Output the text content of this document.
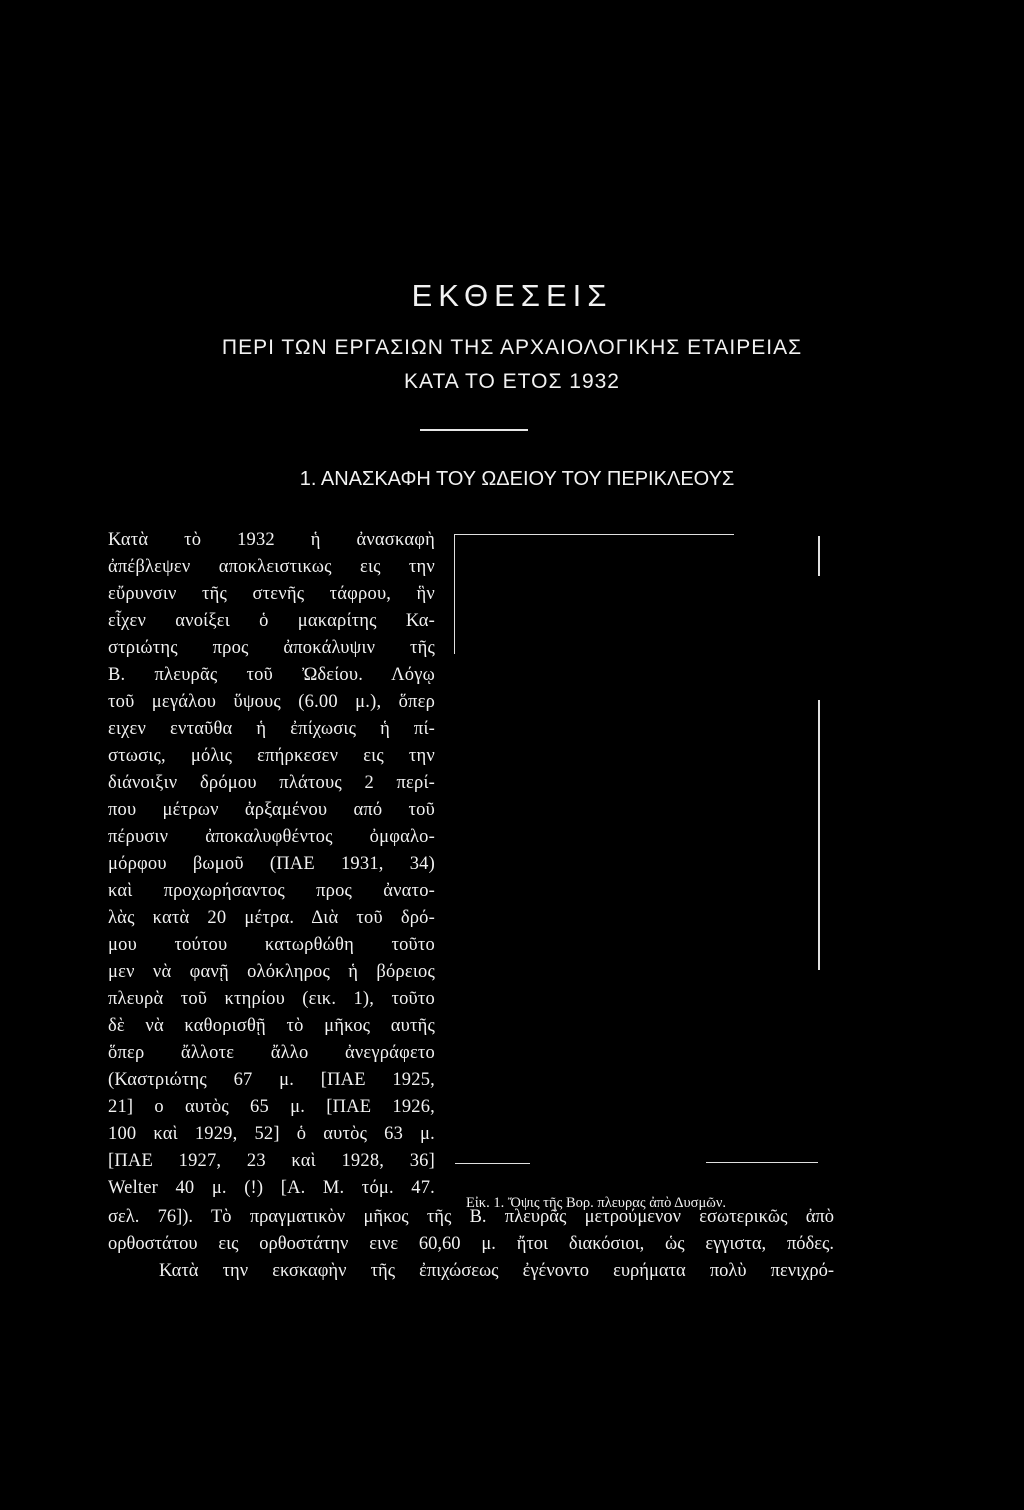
ΕΚΘΕΣΕΙΣ
ΠΕΡΙ ΤΩΝ ΕΡΓΑΣΙΩΝ ΤΗΣ ΑΡΧΑΙΟΛΟΓΙΚΗΣ ΕΤΑΙΡΕΙΑΣ
ΚΑΤΑ ΤΟ ΕΤΟΣ 1932
1. ΑΝΑΣΚΑΦΗ ΤΟΥ ΩΔΕΙΟΥ ΤΟΥ ΠΕΡΙΚΛΕΟΥΣ
Κατὰ τὸ 1932 ἡ ἀνασκαφὴ
ἀπέβλεψεν αποκλειστικως εις την
εὔρυνσιν τῆς στενῆς τάφρου, ἣν
εἶχεν ανοίξει ὁ μακαρίτης Κα-
στριώτης προς ἀποκάλυψιν τῆς
Β. πλευρᾶς τοῦ Ὠδείου. Λόγῳ
τοῦ μεγάλου ὕψους (6.00 μ.), ὅπερ
ειχεν ενταῦθα ἡ ἐπίχωσις ἡ πί-
στωσις, μόλις επήρκεσεν εις την
διάνοιξιν δρόμου πλάτους 2 περί-
που μέτρων ἀρξαμένου από τοῦ
πέρυσιν ἀποκαλυφθέντος ὀμφαλο-
μόρφου βωμοῦ (ΠΑΕ 1931, 34)
καὶ προχωρήσαντος προς ἀνατο-
λὰς κατὰ 20 μέτρα. Διὰ τοῦ δρό-
μου τούτου κατωρθώθη τοῦτο
μεν νὰ φανῇ ολόκληρος ἡ βόρειος
πλευρὰ τοῦ κτηρίου (εικ. 1), τοῦτο
δὲ νὰ καθορισθῇ τὸ μῆκος αυτῆς
ὅπερ ἄλλοτε ἄλλο ἀνεγράφετο
(Καστριώτης 67 μ. [ΠΑΕ 1925,
21] ο αυτὸς 65 μ. [ΠΑΕ 1926,
100 καὶ 1929, 52] ὁ αυτὸς 63 μ.
[ΠΑΕ 1927, 23 καὶ 1928, 36]
Welter 40 μ. (!) [Α. Μ. τόμ. 47.
Εἰκ. 1. Ὄψις τῆς Βορ. πλευρας ἀπὸ Δυσμῶν.
σελ. 76]). Τὸ πραγματικὸν μῆκος τῆς Β. πλευρᾶς μετρούμενον εσωτερικῶς ἀπὸ
ορθοστάτου εις ορθοστάτην εινε 60,60 μ. ἤτοι διακόσιοι, ὡς εγγιστα, πόδες.
Κατὰ την εκσκαφὴν τῆς ἐπιχώσεως ἐγένοντο ευρήματα πολὺ πενιχρό-
